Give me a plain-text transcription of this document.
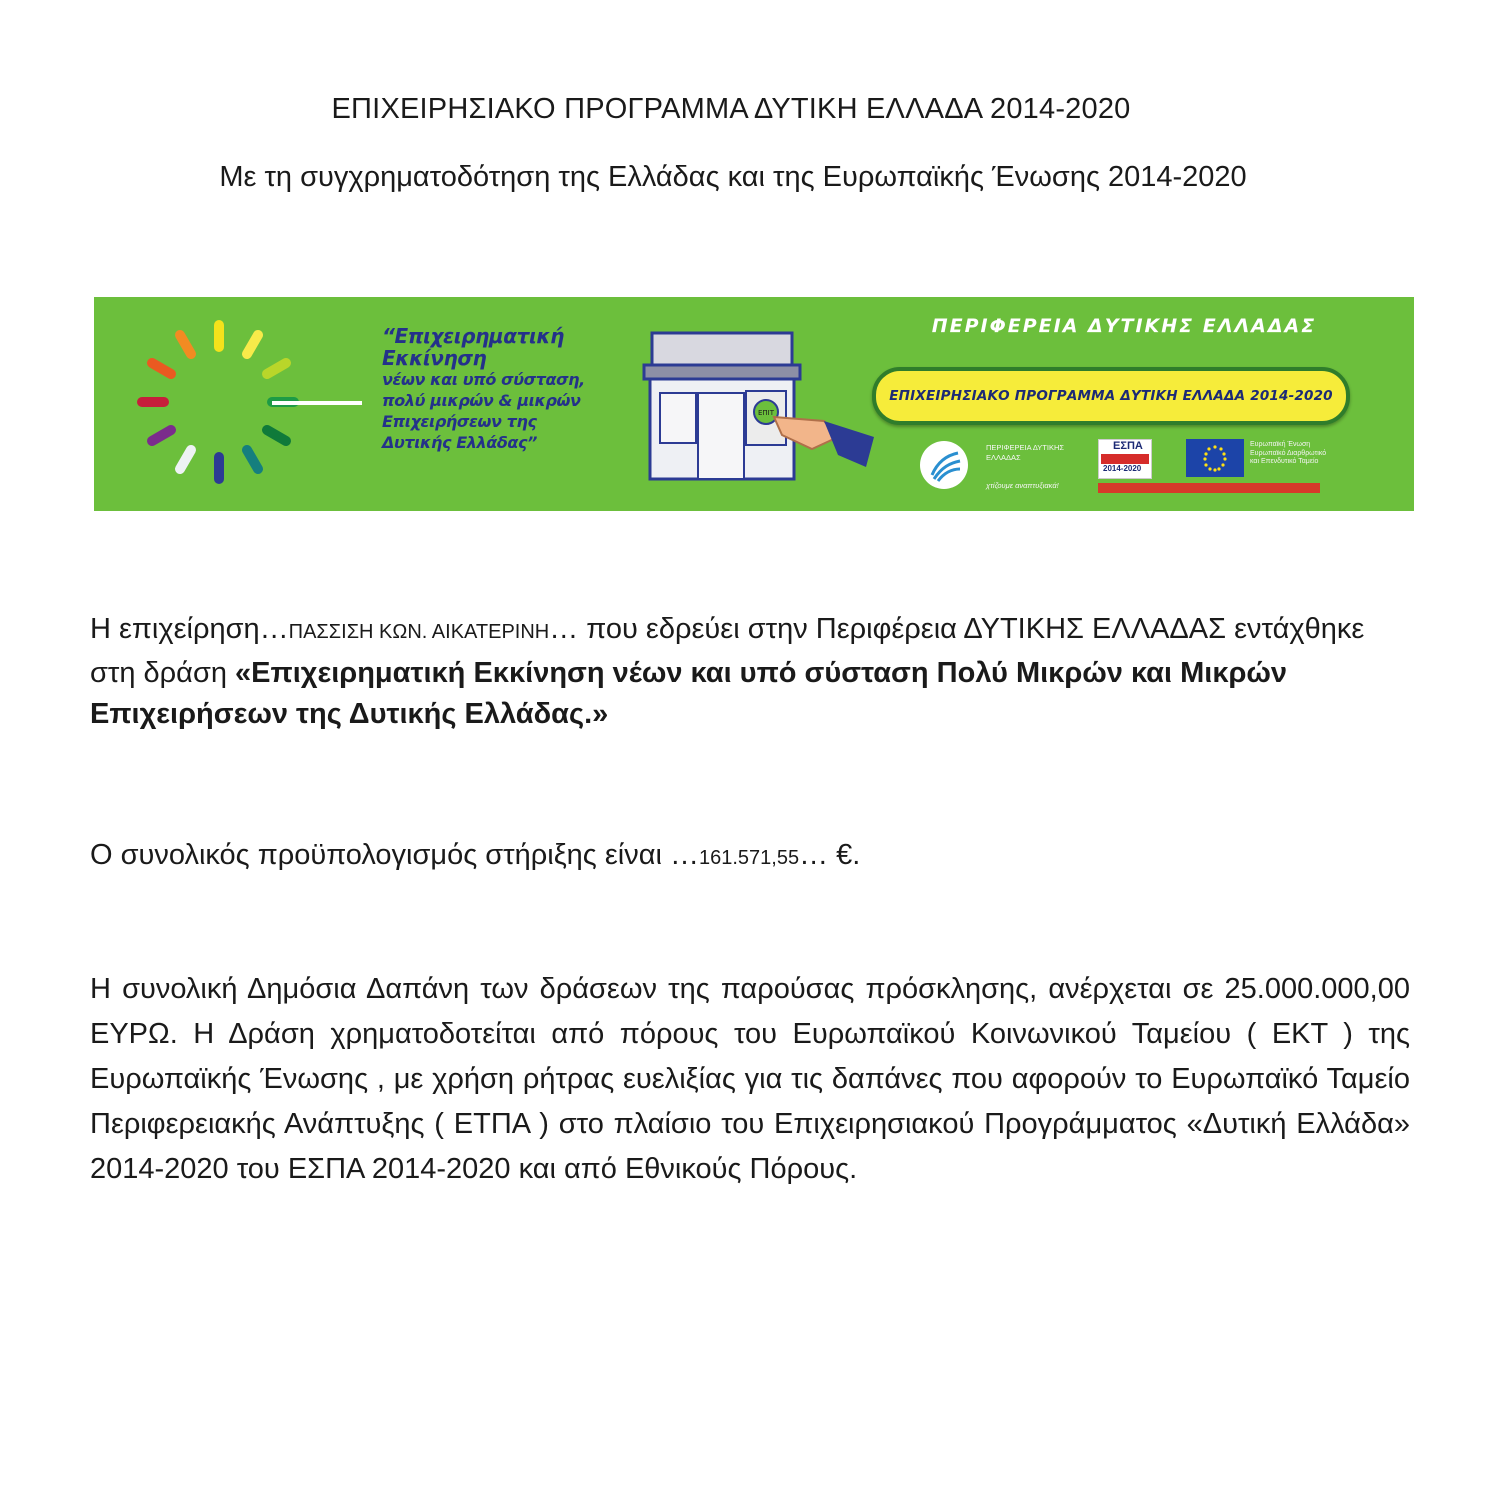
ΕΠΙΧΕΙΡΗΣΙΑΚΟ ΠΡΟΓΡΑΜΜΑ ΔΥΤΙΚΗ ΕΛΛΑΔΑ 2014-2020
Με τη συγχρηματοδότηση της Ελλάδας και της Ευρωπαϊκής Ένωσης 2014-2020
“Επιχειρηματική
Εκκίνηση
νέων και υπό σύσταση,
πολύ μικρών & μικρών
Επιχειρήσεων της
Δυτικής Ελλάδας”
ΕΠΙΤ
ΠΕΡΙΦΕΡΕΙΑ ΔΥΤΙΚΗΣ ΕΛΛΑΔΑΣ
ΕΠΙΧΕΙΡΗΣΙΑΚΟ ΠΡΟΓΡΑΜΜΑ ΔΥΤΙΚΗ ΕΛΛΑΔΑ 2014-2020
ΠΕΡΙΦΕΡΕΙΑ ΔΥΤΙΚΗΣ ΕΛΛΑΔΑΣ
χτίζουμε αναπτυξιακά!
ΕΣΠΑ
2014-2020
Ευρωπαϊκή Ένωση Ευρωπαϊκό Διαρθρωτικό και Επενδυτικό Ταμείο
Η επιχείρηση…ΠΑΣΣΙΣΗ ΚΩΝ. ΑΙΚΑΤΕΡΙΝΗ… που εδρεύει στην Περιφέρεια ΔΥΤΙΚΗΣ ΕΛΛΑΔΑΣ εντάχθηκε στη δράση «Επιχειρηματική Εκκίνηση νέων και υπό σύσταση Πολύ Μικρών και Μικρών Επιχειρήσεων της Δυτικής Ελλάδας.»
Ο συνολικός προϋπολογισμός στήριξης είναι …161.571,55… €.
Η συνολική Δημόσια Δαπάνη των δράσεων της παρούσας πρόσκλησης, ανέρχεται σε 25.000.000,00 ΕΥΡΩ. Η Δράση χρηματοδοτείται από πόρους του Ευρωπαϊκού Κοινωνικού Ταμείου ( ΕΚΤ ) της Ευρωπαϊκής Ένωσης , με χρήση ρήτρας ευελιξίας για τις δαπάνες που αφορούν το Ευρωπαϊκό Ταμείο Περιφερειακής Ανάπτυξης ( ΕΤΠΑ ) στο πλαίσιο του Επιχειρησιακού Προγράμματος «Δυτική Ελλάδα» 2014-2020 του ΕΣΠΑ 2014-2020 και από Εθνικούς Πόρους.
